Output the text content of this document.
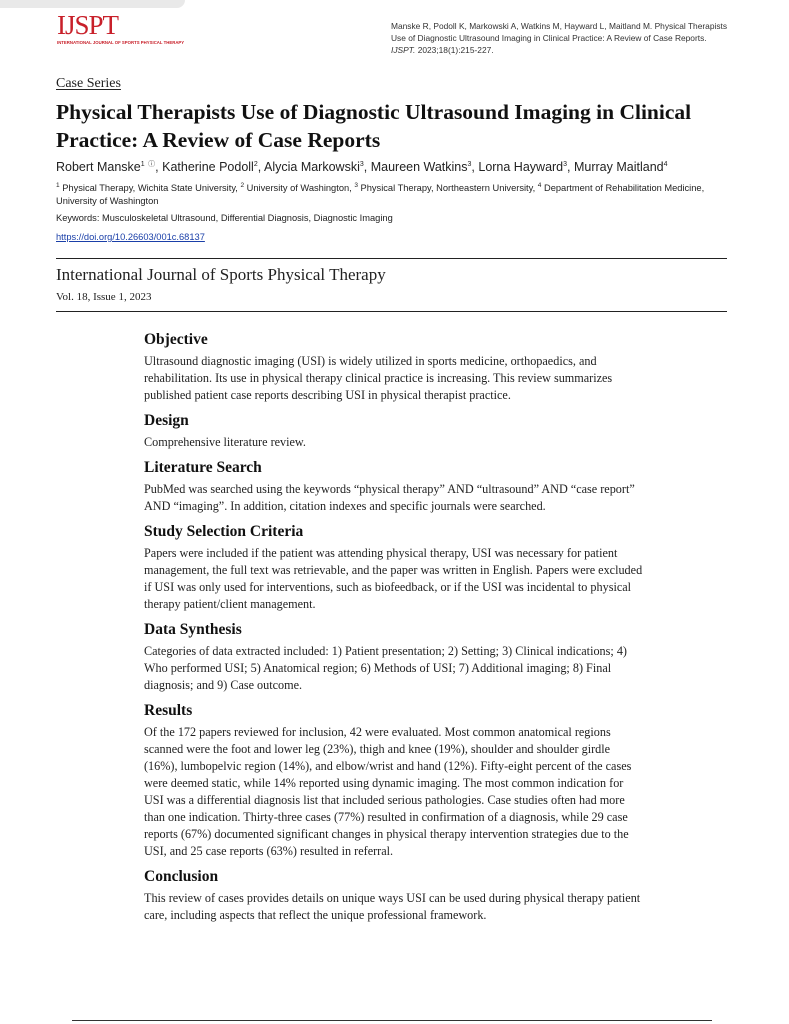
IJSPT
INTERNATIONAL JOURNAL OF SPORTS PHYSICAL THERAPY
Manske R, Podoll K, Markowski A, Watkins M, Hayward L, Maitland M. Physical Therapists Use of Diagnostic Ultrasound Imaging in Clinical Practice: A Review of Case Reports. IJSPT. 2023;18(1):215-227.
Case Series
Physical Therapists Use of Diagnostic Ultrasound Imaging in Clinical Practice: A Review of Case Reports
Robert Manske$^1$ ⓘ, Katherine Podoll$^2$, Alycia Markowski$^3$, Maureen Watkins$^3$, Lorna Hayward$^3$, Murray Maitland$^4$
$^1$ Physical Therapy, Wichita State University, $^2$ University of Washington, $^3$ Physical Therapy, Northeastern University, $^4$ Department of Rehabilitation Medicine, University of Washington
Keywords: Musculoskeletal Ultrasound, Differential Diagnosis, Diagnostic Imaging
https://doi.org/10.26603/001c.68137
International Journal of Sports Physical Therapy
Vol. 18, Issue 1, 2023
Objective

Ultrasound diagnostic imaging (USI) is widely utilized in sports medicine, orthopaedics, and rehabilitation. Its use in physical therapy clinical practice is increasing. This review summarizes published patient case reports describing USI in physical therapist practice.

Design

Comprehensive literature review.

Literature Search

PubMed was searched using the keywords “physical therapy” AND “ultrasound” AND “case report” AND “imaging”. In addition, citation indexes and specific journals were searched.

Study Selection Criteria

Papers were included if the patient was attending physical therapy, USI was necessary for patient management, the full text was retrievable, and the paper was written in English. Papers were excluded if USI was only used for interventions, such as biofeedback, or if the USI was incidental to physical therapy patient/client management.

Data Synthesis

Categories of data extracted included: 1) Patient presentation; 2) Setting; 3) Clinical indications; 4) Who performed USI; 5) Anatomical region; 6) Methods of USI; 7) Additional imaging; 8) Final diagnosis; and 9) Case outcome.

Results

Of the 172 papers reviewed for inclusion, 42 were evaluated. Most common anatomical regions scanned were the foot and lower leg (23%), thigh and knee (19%), shoulder and shoulder girdle (16%), lumbopelvic region (14%), and elbow/wrist and hand (12%). Fifty-eight percent of the cases were deemed static, while 14% reported using dynamic imaging. The most common indication for USI was a differential diagnosis list that included serious pathologies. Case studies often had more than one indication. Thirty-three cases (77%) resulted in confirmation of a diagnosis, while 29 case reports (67%) documented significant changes in physical therapy intervention strategies due to the USI, and 25 case reports (63%) resulted in referral.

Conclusion

This review of cases provides details on unique ways USI can be used during physical therapy patient care, including aspects that reflect the unique professional framework.
